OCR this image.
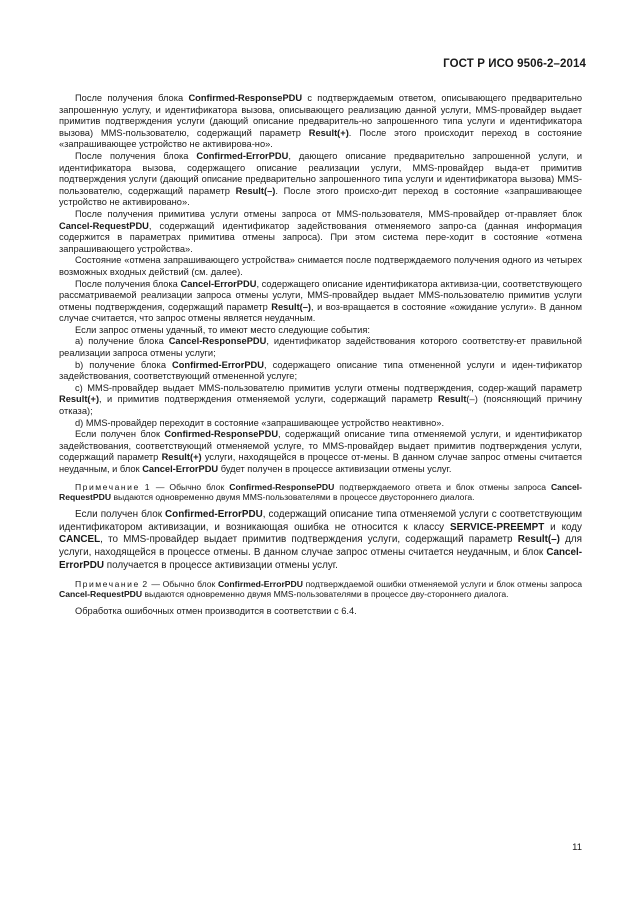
ГОСТ Р ИСО 9506-2–2014

После получения блока Confirmed-ResponsePDU с подтверждаемым ответом, описывающего предварительно запрошенную услугу, и идентификатора вызова, описывающего реализацию данной услуги, MMS-провайдер выдает примитив подтверждения услуги (дающий описание предваритель-но запрошенного типа услуги и идентификатора вызова) MMS-пользователю, содержащий параметр Result(+). После этого происходит переход в состояние «запрашивающее устройство не активирова-но».

После получения блока Confirmed-ErrorPDU, дающего описание предварительно запрошенной услуги, и идентификатора вызова, содержащего описание реализации услуги, MMS-провайдер выда-ет примитив подтверждения услуги (дающий описание предварительно запрошенного типа услуги и идентификатора вызова) MMS-пользователю, содержащий параметр Result(–). После этого происхо-дит переход в состояние «запрашивающее устройство не активировано».

После получения примитива услуги отмены запроса от MMS-пользователя, MMS-провайдер от-правляет блок Cancel-RequestPDU, содержащий идентификатор задействования отменяемого запро-са (данная информация содержится в параметрах примитива отмены запроса). При этом система пере-ходит в состояние «отмена запрашивающего устройства».

Состояние «отмена запрашивающего устройства» снимается после подтверждаемого получения одного из четырех возможных входных действий (см. далее).

После получения блока Cancel-ErrorPDU, содержащего описание идентификатора активиза-ции, соответствующего рассматриваемой реализации запроса отмены услуги, MMS-провайдер выдает MMS-пользователю примитив услуги отмены подтверждения, содержащий параметр Result(–), и воз-вращается в состояние «ожидание услуги». В данном случае считается, что запрос отмены является неудачным.

Если запрос отмены удачный, то имеют место следующие события:

a) получение блока Cancel-ResponsePDU, идентификатор задействования которого соответству-ет правильной реализации запроса отмены услуги;

b) получение блока Confirmed-ErrorPDU, содержащего описание типа отмененной услуги и иден-тификатор задействования, соответствующий отмененной услуге;

c) MMS-провайдер выдает MMS-пользователю примитив услуги отмены подтверждения, содер-жащий параметр Result(+), и примитив подтверждения отменяемой услуги, содержащий параметр Result(–) (поясняющий причину отказа);

d) MMS-провайдер переходит в состояние «запрашивающее устройство неактивно».

Если получен блок Confirmed-ResponsePDU, содержащий описание типа отменяемой услуги, и идентификатор задействования, соответствующий отменяемой услуге, то MMS-провайдер выдает примитив подтверждения услуги, содержащий параметр Result(+) услуги, находящейся в процессе от-мены. В данном случае запрос отмены считается неудачным, и блок Cancel-ErrorPDU будет получен в процессе активизации отмены услуг.

Примечание 1 — Обычно блок Confirmed-ResponsePDU подтверждаемого ответа и блок отмены запроса Cancel-RequestPDU выдаются одновременно двумя MMS-пользователями в процессе двустороннего диалога.

Если получен блок Confirmed-ErrorPDU, содержащий описание типа отменяемой услуги с соответствующим идентификатором активизации, и возникающая ошибка не относится к классу SERVICE-PREEMPT и коду CANCEL, то MMS-провайдер выдает примитив подтверждения услуги, содержащий параметр Result(–) для услуги, находящейся в процессе отмены. В данном случае запрос отмены считается неудачным, и блок Cancel-ErrorPDU получается в процессе активизации отмены услуг.

Примечание 2 — Обычно блок Confirmed-ErrorPDU подтверждаемой ошибки отменяемой услуги и блок отмены запроса Cancel-RequestPDU выдаются одновременно двумя MMS-пользователями в процессе дву-стороннего диалога.

Обработка ошибочных отмен производится в соответствии с 6.4.

11
